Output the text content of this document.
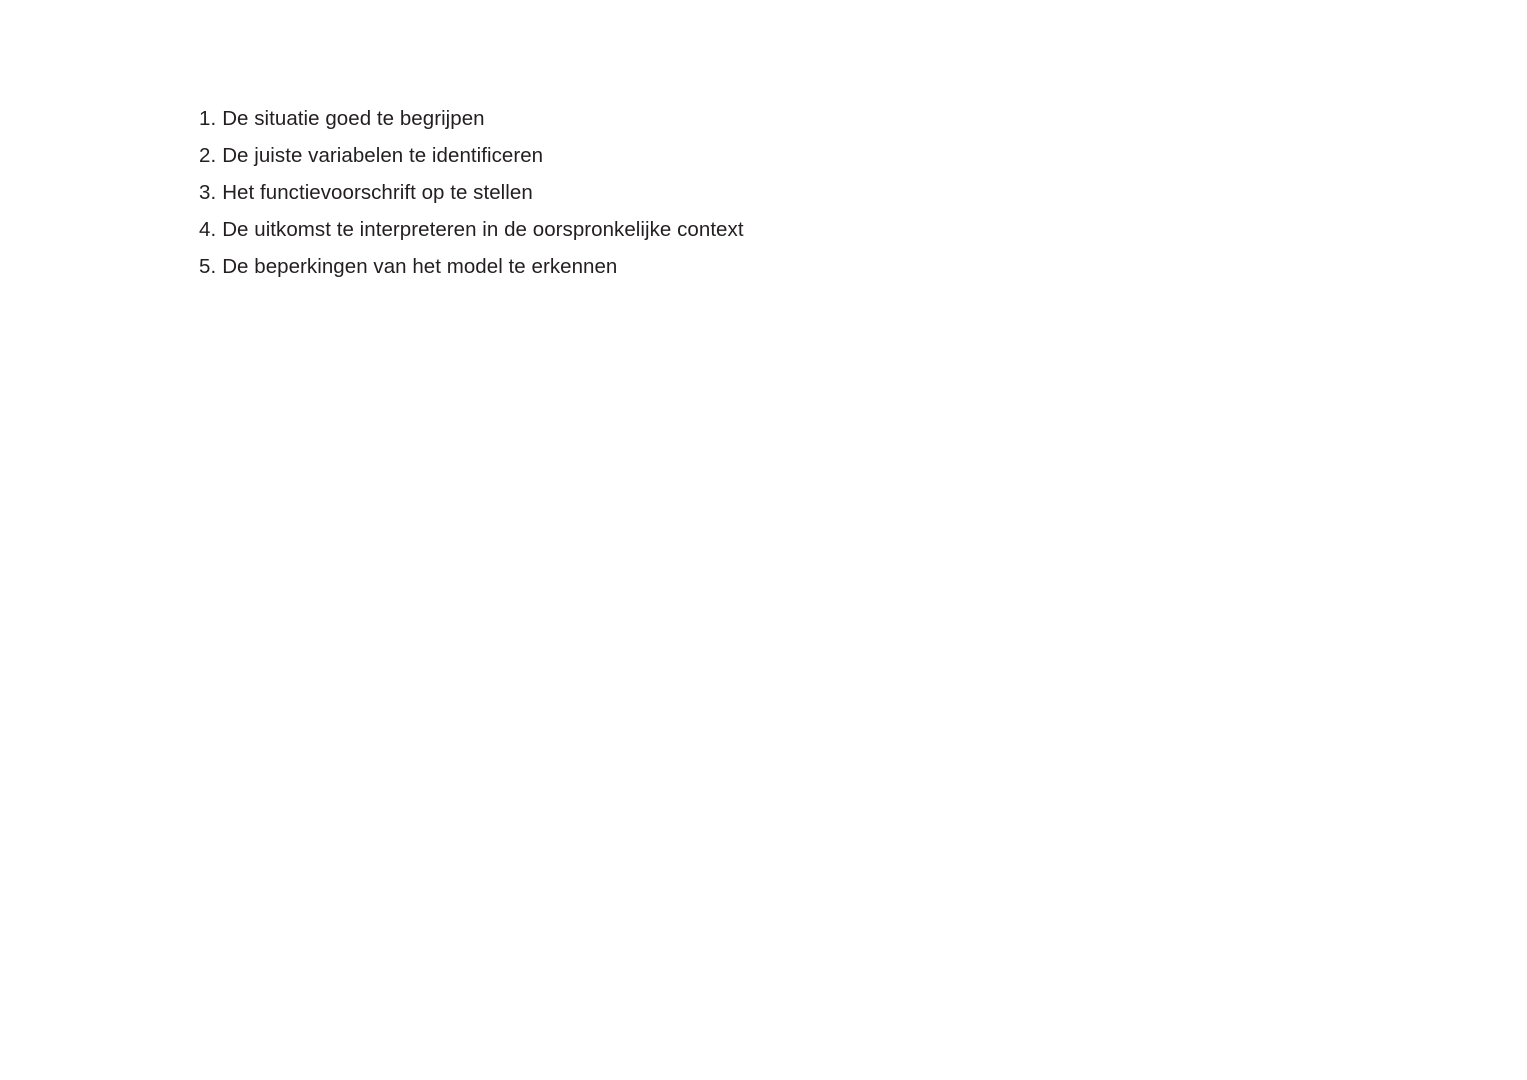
1. De situatie goed te begrijpen
2. De juiste variabelen te identificeren
3. Het functievoorschrift op te stellen
4. De uitkomst te interpreteren in de oorspronkelijke context
5. De beperkingen van het model te erkennen
